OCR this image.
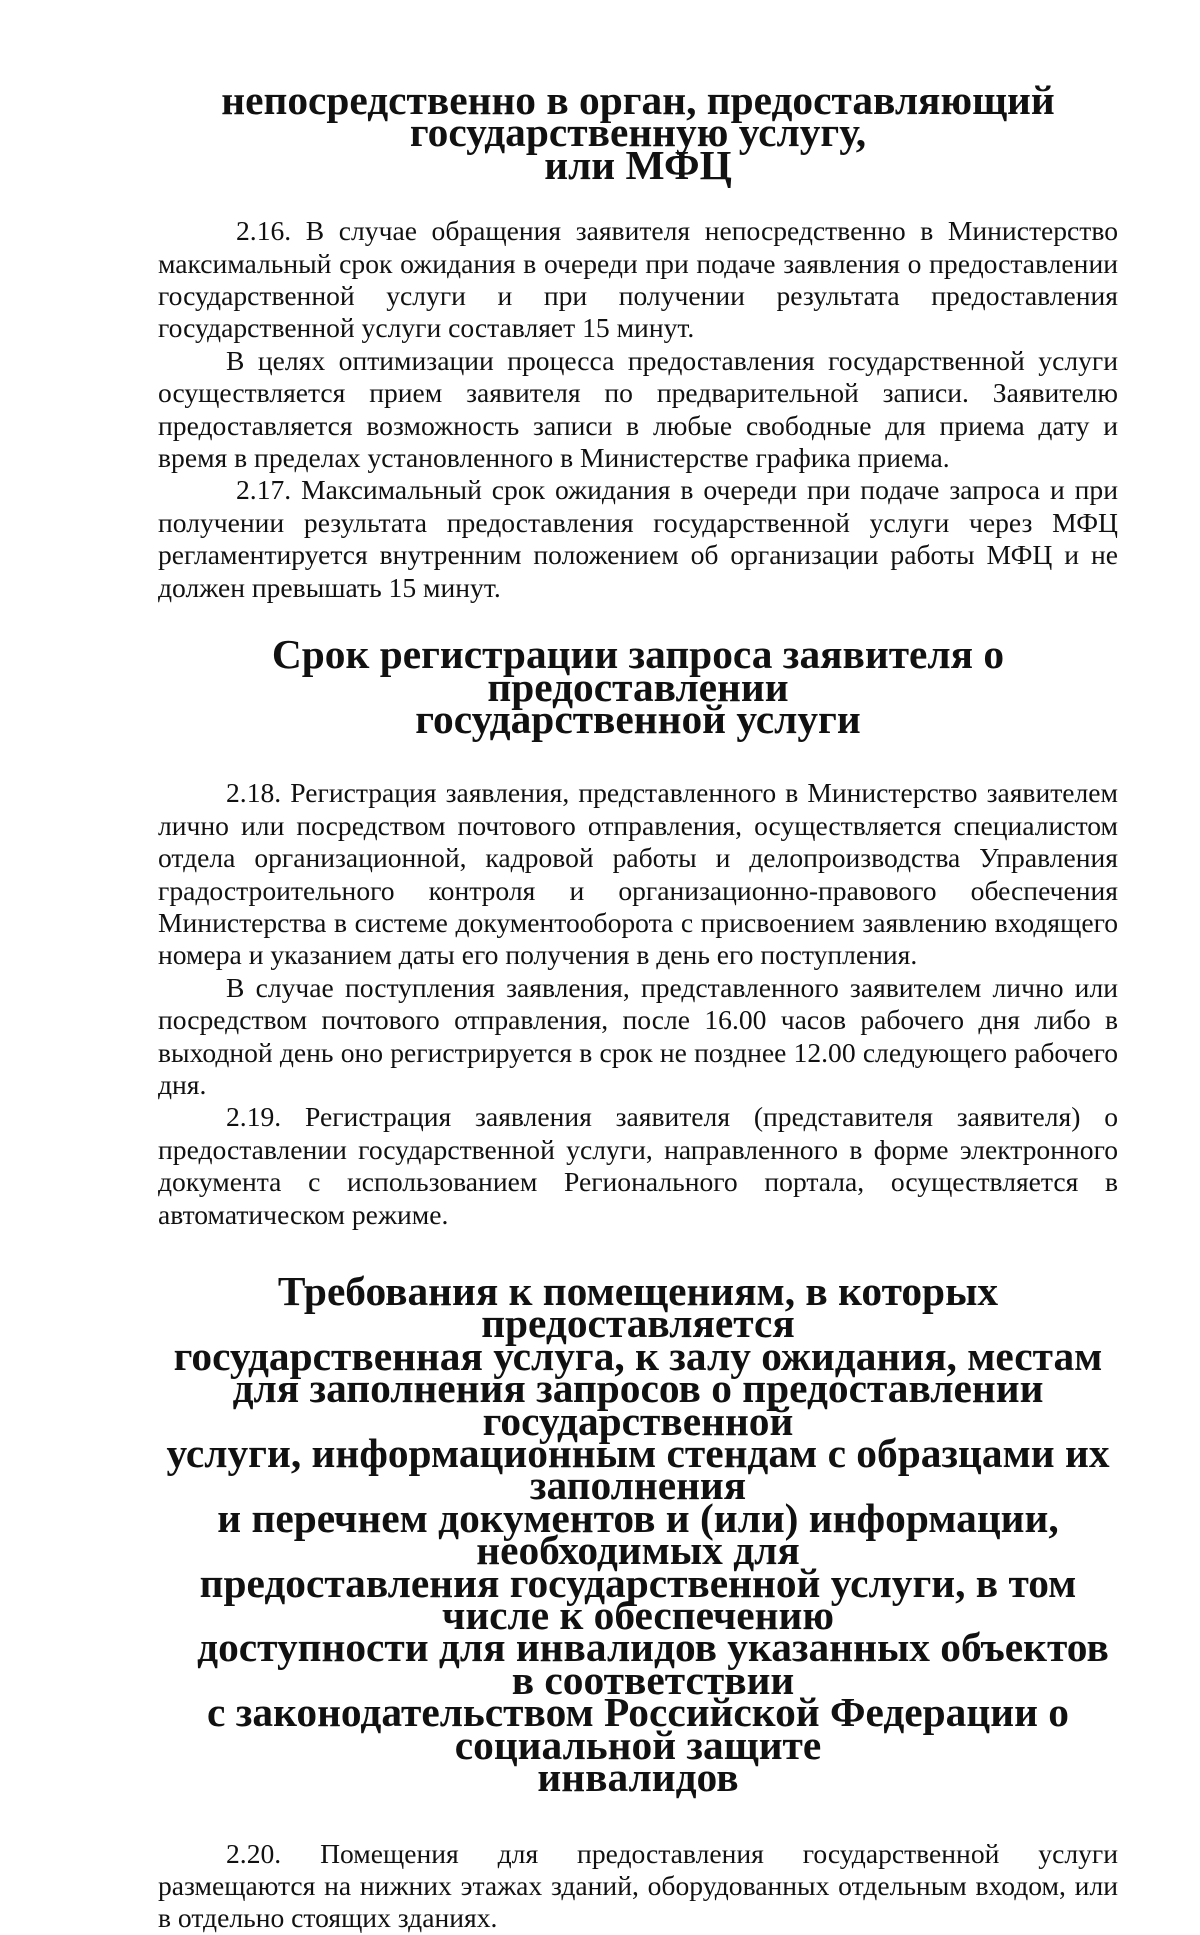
непосредственно в орган, предоставляющий государственную услугу,
или МФЦ

2.16. В случае обращения заявителя непосредственно в Министерство максимальный срок ожидания в очереди при подаче заявления о предоставлении государственной услуги и при получении результата предоставления государственной услуги составляет 15 минут.

В целях оптимизации процесса предоставления государственной услуги осуществляется прием заявителя по предварительной записи. Заявителю предоставляется возможность записи в любые свободные для приема дату и время в пределах установленного в Министерстве графика приема.

2.17. Максимальный срок ожидания в очереди при подаче запроса и при получении результата предоставления государственной услуги через МФЦ регламентируется внутренним положением об организации работы МФЦ и не должен превышать 15 минут.

Срок регистрации запроса заявителя о предоставлении
государственной услуги

2.18. Регистрация заявления, представленного в Министерство заявителем лично или посредством почтового отправления, осуществляется специалистом отдела организационной, кадровой работы и делопроизводства Управления градостроительного контроля и организационно-правового обеспечения Министерства в системе документооборота с присвоением заявлению входящего номера и указанием даты его получения в день его поступления.

В случае поступления заявления, представленного заявителем лично или посредством почтового отправления, после 16.00 часов рабочего дня либо в выходной день оно регистрируется в срок не позднее 12.00 следующего рабочего дня.

2.19. Регистрация заявления заявителя (представителя заявителя) о предоставлении государственной услуги, направленного в форме электронного документа с использованием Регионального портала, осуществляется в автоматическом режиме.

Требования к помещениям, в которых предоставляется
государственная услуга, к залу ожидания, местам
для заполнения запросов о предоставлении государственной
услуги, информационным стендам с образцами их заполнения
и перечнем документов и (или) информации, необходимых для
предоставления государственной услуги, в том числе к обеспечению
доступности для инвалидов указанных объектов в соответствии
с законодательством Российской Федерации о социальной защите
инвалидов

2.20. Помещения для предоставления государственной услуги размещаются на нижних этажах зданий, оборудованных отдельным входом, или в отдельно стоящих зданиях.
